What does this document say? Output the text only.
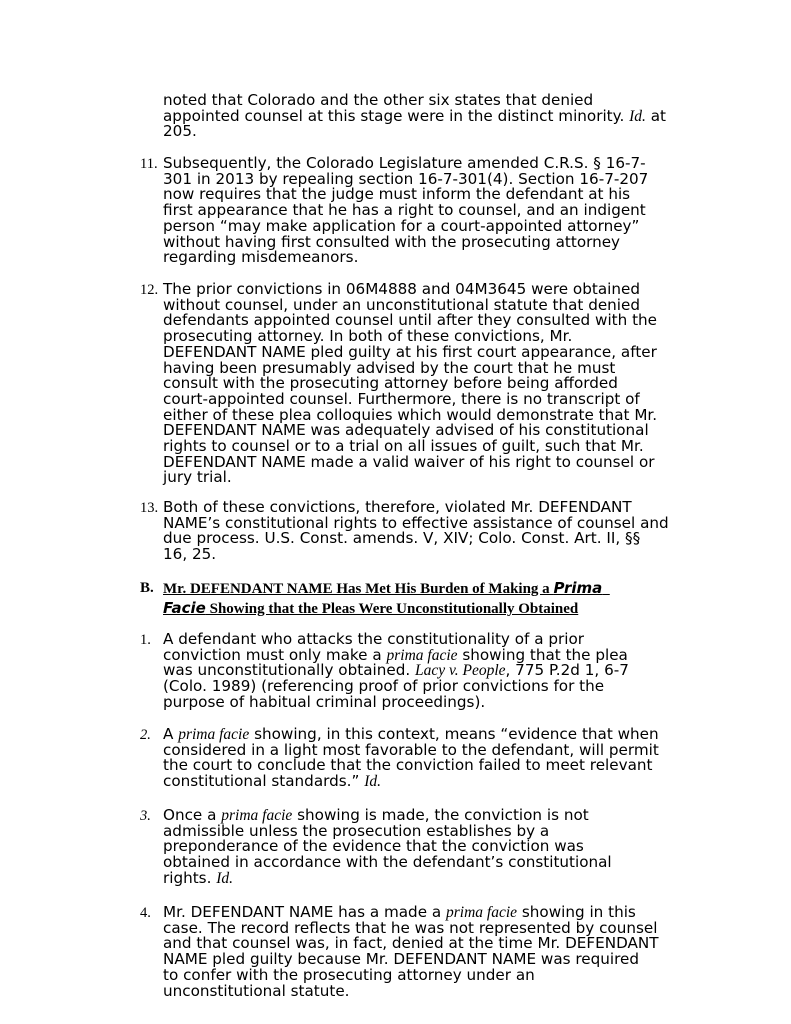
noted that Colorado and the other six states that denied
appointed counsel at this stage were in the distinct minority. Id. at
205.
11. Subsequently, the Colorado Legislature amended C.R.S. § 16-7-
301 in 2013 by repealing section 16-7-301(4). Section 16-7-207
now requires that the judge must inform the defendant at his
first appearance that he has a right to counsel, and an indigent
person “may make application for a court-appointed attorney”
without having first consulted with the prosecuting attorney
regarding misdemeanors.
12. The prior convictions in 06M4888 and 04M3645 were obtained
without counsel, under an unconstitutional statute that denied
defendants appointed counsel until after they consulted with the
prosecuting attorney. In both of these convictions, Mr.
DEFENDANT NAME pled guilty at his first court appearance, after
having been presumably advised by the court that he must
consult with the prosecuting attorney before being afforded
court-appointed counsel. Furthermore, there is no transcript of
either of these plea colloquies which would demonstrate that Mr.
DEFENDANT NAME was adequately advised of his constitutional
rights to counsel or to a trial on all issues of guilt, such that Mr.
DEFENDANT NAME made a valid waiver of his right to counsel or
jury trial.
13. Both of these convictions, therefore, violated Mr. DEFENDANT
NAME’s constitutional rights to effective assistance of counsel and
due process. U.S. Const. amends. V, XIV; Colo. Const. Art. II, §§
16, 25.
B. Mr. DEFENDANT NAME Has Met His Burden of Making a Prima
Facie Showing that the Pleas Were Unconstitutionally Obtained
1. A defendant who attacks the constitutionality of a prior
conviction must only make a prima facie showing that the plea
was unconstitutionally obtained. Lacy v. People, 775 P.2d 1, 6-7
(Colo. 1989) (referencing proof of prior convictions for the
purpose of habitual criminal proceedings).
2. A prima facie showing, in this context, means “evidence that when
considered in a light most favorable to the defendant, will permit
the court to conclude that the conviction failed to meet relevant
constitutional standards.” Id.
3. Once a prima facie showing is made, the conviction is not
admissible unless the prosecution establishes by a
preponderance of the evidence that the conviction was
obtained in accordance with the defendant’s constitutional
rights. Id.
4. Mr. DEFENDANT NAME has a made a prima facie showing in this
case. The record reflects that he was not represented by counsel
and that counsel was, in fact, denied at the time Mr. DEFENDANT
NAME pled guilty because Mr. DEFENDANT NAME was required
to confer with the prosecuting attorney under an
unconstitutional statute.
